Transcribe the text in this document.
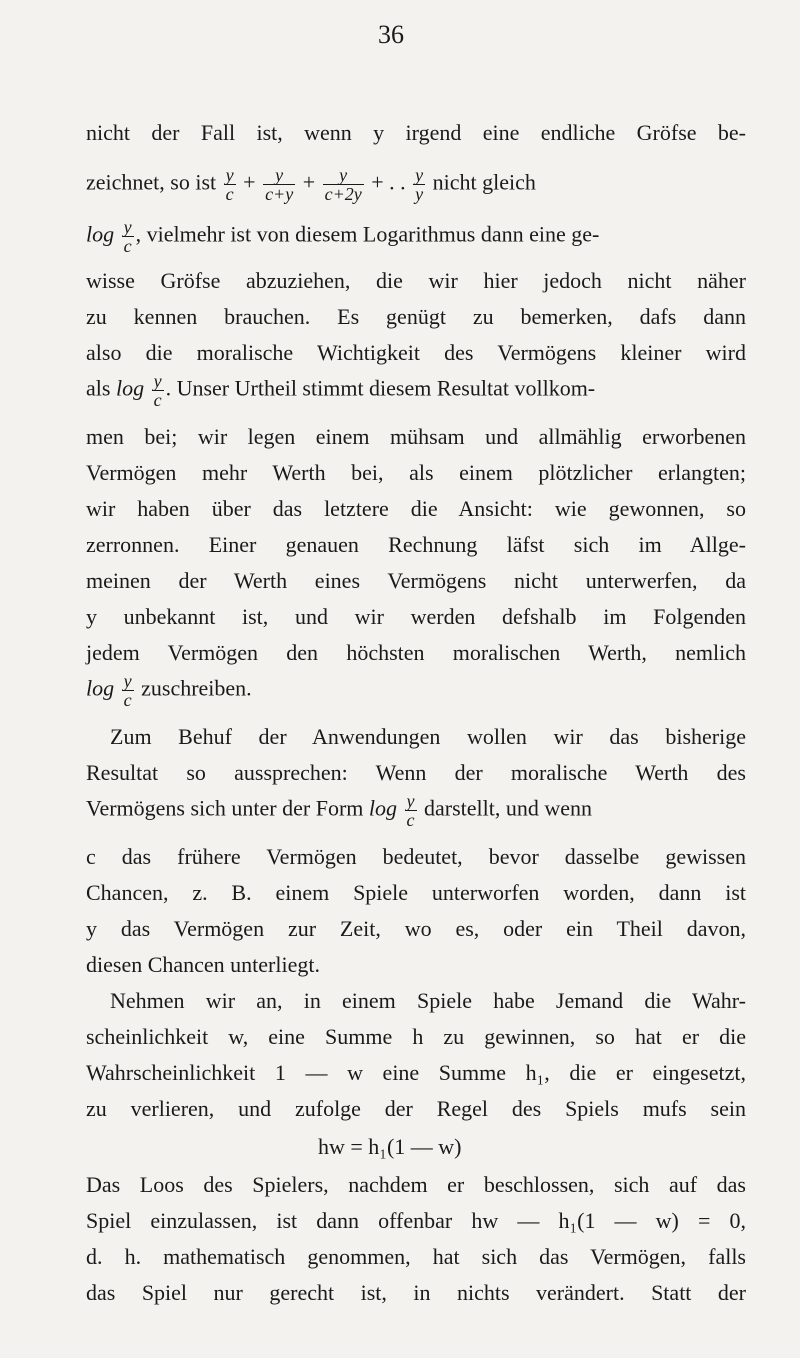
36
nicht der Fall ist, wenn y irgend eine endliche Gröfse be-
zeichnet, so ist $\frac{y}{c} + \frac{y}{c+y} + \frac{y}{c+2y}$ + . . $\frac{y}{y}$ nicht gleich
$\log \frac{y}{c}$ , vielmehr ist von diesem Logarithmus dann eine ge-
wisse Gröfse abzuziehen, die wir hier jedoch nicht näher
zu kennen brauchen. Es genügt zu bemerken, dafs dann
also die moralische Wichtigkeit des Vermögens kleiner wird
als $\log \frac{y}{c}$ . Unser Urtheil stimmt diesem Resultat vollkom-
men bei; wir legen einem mühsam und allmählig erworbenen
Vermögen mehr Werth bei, als einem plötzlicher erlangten;
wir haben über das letztere die Ansicht: wie gewonnen, so
zerronnen. Einer genauen Rechnung läfst sich im Allge-
meinen der Werth eines Vermögens nicht unterwerfen, da
y unbekannt ist, und wir werden defshalb im Folgenden
jedem Vermögen den höchsten moralischen Werth, nemlich
$\log \frac{y}{c}$ zuschreiben.
Zum Behuf der Anwendungen wollen wir das bisherige
Resultat so aussprechen: Wenn der moralische Werth des
Vermögens sich unter der Form $\log \frac{y}{c}$ darstellt, und wenn
c das frühere Vermögen bedeutet, bevor dasselbe gewissen
Chancen, z. B. einem Spiele unterworfen worden, dann ist
y das Vermögen zur Zeit, wo es, oder ein Theil davon,
diesen Chancen unterliegt.
Nehmen wir an, in einem Spiele habe Jemand die Wahr-
scheinlichkeit w, eine Summe h zu gewinnen, so hat er die
Wahrscheinlichkeit 1 — w eine Summe h₁, die er eingesetzt,
zu verlieren, und zufolge der Regel des Spiels mufs sein
hw = h₁(1 — w)
Das Loos des Spielers, nachdem er beschlossen, sich auf das
Spiel einzulassen, ist dann offenbar hw — h₁(1 — w) = 0,
d. h. mathematisch genommen, hat sich das Vermögen, falls
das Spiel nur gerecht ist, in nichts verändert. Statt der
